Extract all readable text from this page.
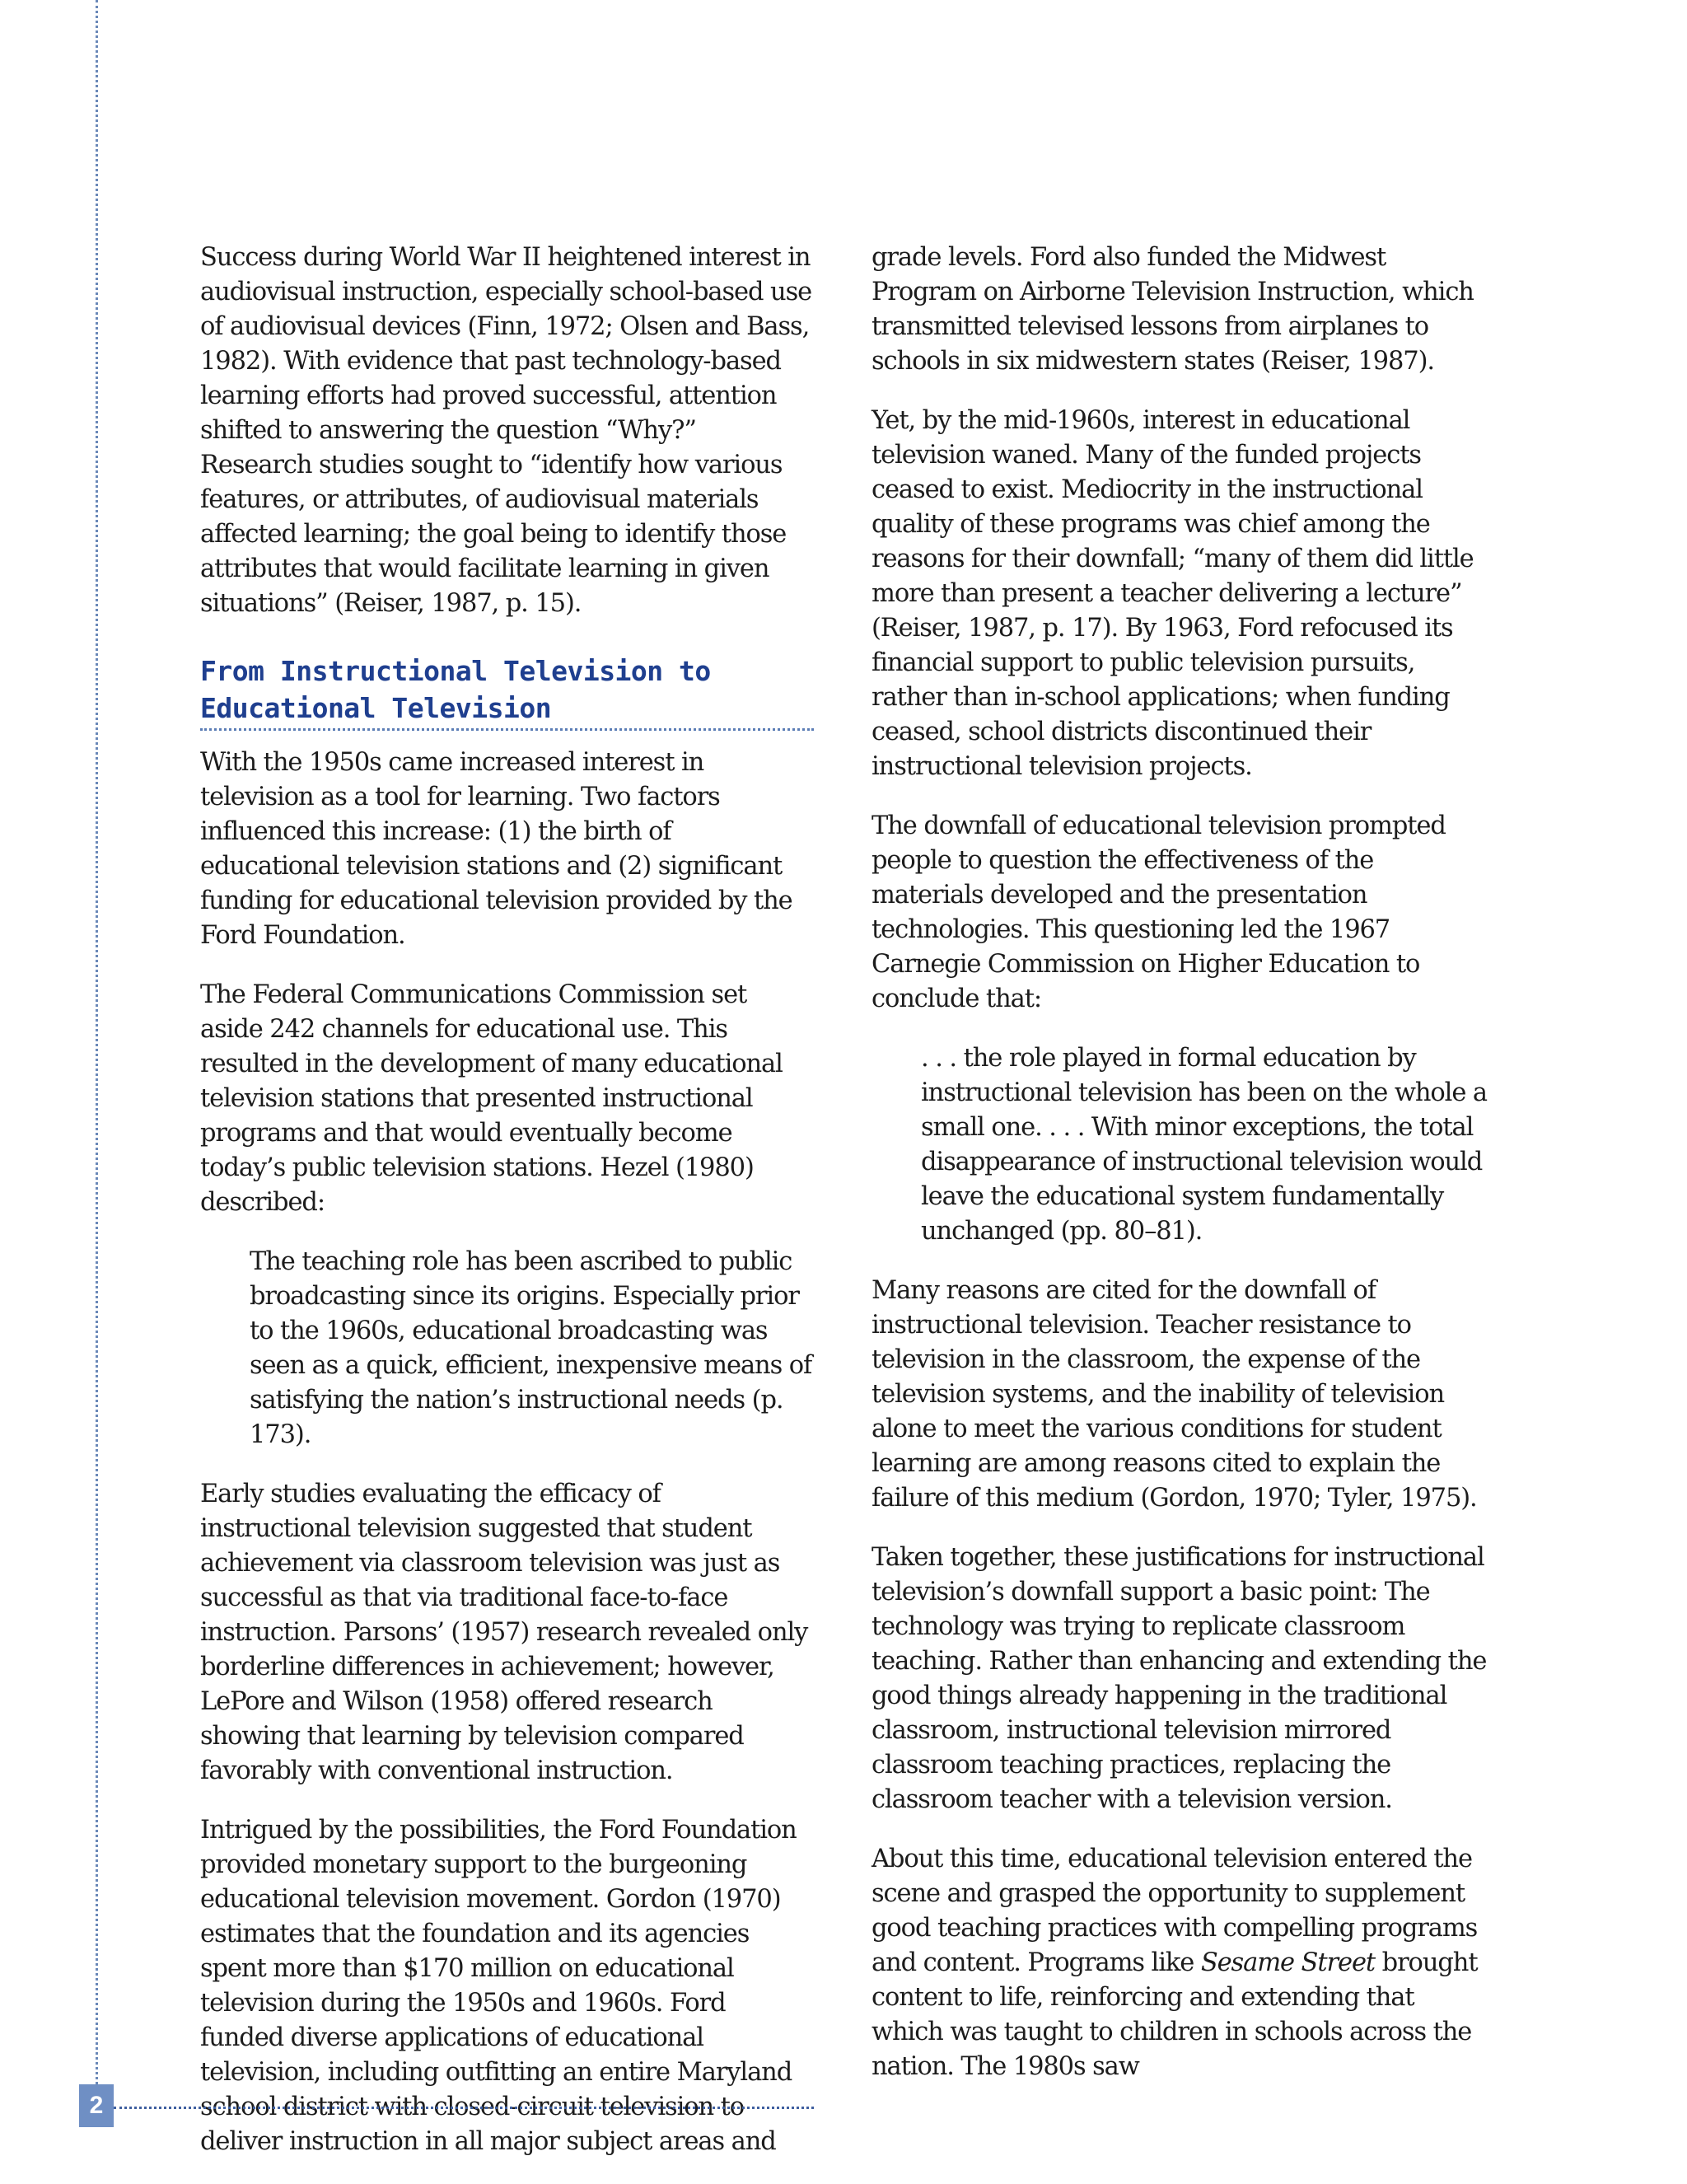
Success during World War II heightened interest in audiovisual instruction, especially school-based use of audiovisual devices (Finn, 1972; Olsen and Bass, 1982). With evidence that past technology-based learning efforts had proved successful, attention shifted to answering the question “Why?” Research studies sought to “identify how various features, or attributes, of audiovisual materials affected learning; the goal being to identify those attributes that would facilitate learning in given situations” (Reiser, 1987, p. 15).

From Instructional Television to Educational Television

With the 1950s came increased interest in television as a tool for learning. Two factors influenced this increase: (1) the birth of educational television stations and (2) significant funding for educational television provided by the Ford Foundation.

The Federal Communications Commission set aside 242 channels for educational use. This resulted in the development of many educational television stations that presented instructional programs and that would eventually become today’s public television stations. Hezel (1980) described:

The teaching role has been ascribed to public broadcasting since its origins. Especially prior to the 1960s, educational broadcasting was seen as a quick, efficient, inexpensive means of satisfying the nation’s instructional needs (p. 173).

Early studies evaluating the efficacy of instructional television suggested that student achievement via classroom television was just as successful as that via traditional face-to-face instruction. Parsons’ (1957) research revealed only borderline differences in achievement; however, LePore and Wilson (1958) offered research showing that learning by television compared favorably with conventional instruction.

Intrigued by the possibilities, the Ford Foundation provided monetary support to the burgeoning educational television movement. Gordon (1970) estimates that the foundation and its agencies spent more than $170 million on educational television during the 1950s and 1960s. Ford funded diverse applications of educational television, including outfitting an entire Maryland school district with closed-circuit television to deliver instruction in all major subject areas and

grade levels. Ford also funded the Midwest Program on Airborne Television Instruction, which transmitted televised lessons from airplanes to schools in six midwestern states (Reiser, 1987).

Yet, by the mid-1960s, interest in educational television waned. Many of the funded projects ceased to exist. Mediocrity in the instructional quality of these programs was chief among the reasons for their downfall; “many of them did little more than present a teacher delivering a lecture” (Reiser, 1987, p. 17). By 1963, Ford refocused its financial support to public television pursuits, rather than in-school applications; when funding ceased, school districts discontinued their instructional television projects.

The downfall of educational television prompted people to question the effectiveness of the materials developed and the presentation technologies. This questioning led the 1967 Carnegie Commission on Higher Education to conclude that:

. . . the role played in formal education by instructional television has been on the whole a small one. . . . With minor exceptions, the total disappearance of instructional television would leave the educational system fundamentally unchanged (pp. 80–81).

Many reasons are cited for the downfall of instructional television. Teacher resistance to television in the classroom, the expense of the television systems, and the inability of television alone to meet the various conditions for student learning are among reasons cited to explain the failure of this medium (Gordon, 1970; Tyler, 1975).

Taken together, these justifications for instructional television’s downfall support a basic point: The technology was trying to replicate classroom teaching. Rather than enhancing and extending the good things already happening in the traditional classroom, instructional television mirrored classroom teaching practices, replacing the classroom teacher with a television version.

About this time, educational television entered the scene and grasped the opportunity to supplement good teaching practices with compelling programs and content. Programs like Sesame Street brought content to life, reinforcing and extending that which was taught to children in schools across the nation. The 1980s saw

2
